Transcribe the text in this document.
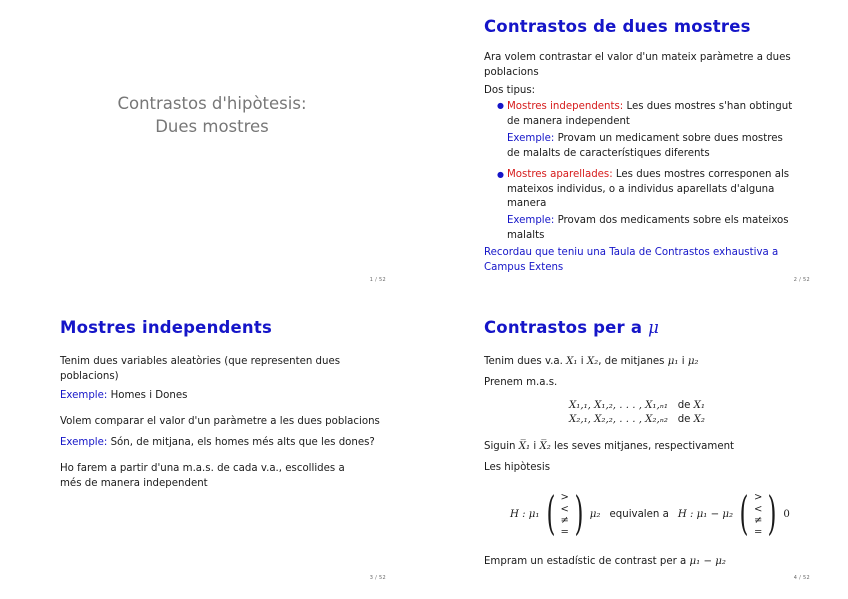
Contrastos d'hipòtesis:
Dues mostres
1 / 52
Contrastos de dues mostres
Ara volem contrastar el valor d'un mateix paràmetre a dues poblacions
Dos tipus:
● Mostres independents: Les dues mostres s'han obtingut de manera independent
Exemple: Provam un medicament sobre dues mostres de malalts de característiques diferents
● Mostres aparellades: Les dues mostres corresponen als mateixos individus, o a individus aparellats d'alguna manera
Exemple: Provam dos medicaments sobre els mateixos malalts
Recordau que teniu una Taula de Contrastos exhaustiva a Campus Extens
2 / 52
Mostres independents
Tenim dues variables aleatòries (que representen dues poblacions)
Exemple: Homes i Dones
Volem comparar el valor d'un paràmetre a les dues poblacions
Exemple: Són, de mitjana, els homes més alts que les dones?
Ho farem a partir d'una m.a.s. de cada v.a., escollides a més de manera independent
3 / 52
Contrastos per a μ
Tenim dues v.a. X₁ i X₂, de mitjanes μ₁ i μ₂
Prenem m.a.s.
X₁,₁, X₁,₂, . . . , X₁,ₙ₁ de X₁
X₂,₁, X₂,₂, . . . , X₂,ₙ₂ de X₂
Siguin X̅₁ i X̅₂ les seves mitjanes, respectivament
Les hipòtesis
H : μ₁ ( >
<
≠
= ) μ₂ equivalen a H : μ₁ − μ₂ ( >
<
≠
= ) 0
Empram un estadístic de contrast per a μ₁ − μ₂
4 / 52
